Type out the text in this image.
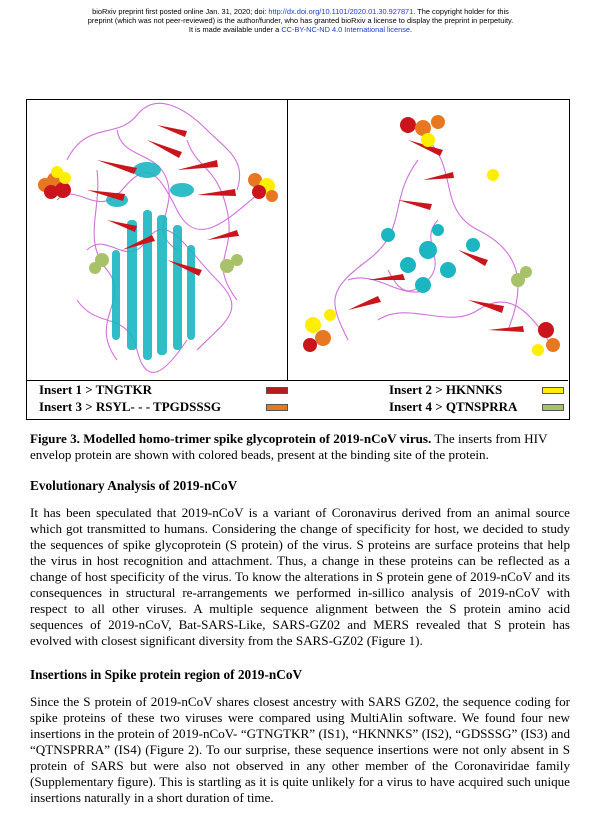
bioRxiv preprint first posted online Jan. 31, 2020; doi: http://dx.doi.org/10.1101/2020.01.30.927871. The copyright holder for this
preprint (which was not peer-reviewed) is the author/funder, who has granted bioRxiv a license to display the preprint in perpetuity.
It is made available under a CC-BY-NC-ND 4.0 International license.
Insert 1 > TNGTKR	Insert 2 > HKNNKS
Insert 3 > RSYL- - - TPGDSSSG	Insert 4 > QTNSPRRA
Figure 3. Modelled homo-trimer spike glycoprotein of 2019-nCoV virus. The inserts from HIV envelop protein are shown with colored beads, present at the binding site of the protein.
Evolutionary Analysis of 2019-nCoV

It has been speculated that 2019-nCoV is a variant of Coronavirus derived from an animal source which got transmitted to humans. Considering the change of specificity for host, we decided to study the sequences of spike glycoprotein (S protein) of the virus. S proteins are surface proteins that help the virus in host recognition and attachment. Thus, a change in these proteins can be reflected as a change of host specificity of the virus. To know the alterations in S protein gene of 2019-nCoV and its consequences in structural re-arrangements we performed in-sillico analysis of 2019-nCoV with respect to all other viruses. A multiple sequence alignment between the S protein amino acid sequences of 2019-nCoV, Bat-SARS-Like, SARS-GZ02 and MERS revealed that S protein has evolved with closest significant diversity from the SARS-GZ02 (Figure 1).

Insertions in Spike protein region of 2019-nCoV

Since the S protein of 2019-nCoV shares closest ancestry with SARS GZ02, the sequence coding for spike proteins of these two viruses were compared using MultiAlin software. We found four new insertions in the protein of 2019-nCoV- “GTNGTKR” (IS1), “HKNNKS” (IS2), “GDSSSG” (IS3) and “QTNSPRRA” (IS4) (Figure 2). To our surprise, these sequence insertions were not only absent in S protein of SARS but were also not observed in any other member of the Coronaviridae family (Supplementary figure). This is startling as it is quite unlikely for a virus to have acquired such unique insertions naturally in a short duration of time.
